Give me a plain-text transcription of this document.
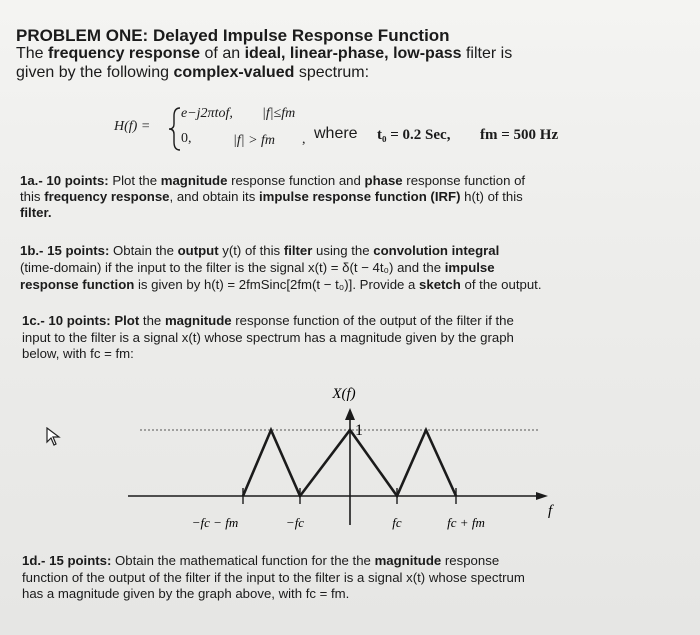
PROBLEM ONE: Delayed Impulse Response Function
The frequency response of an ideal, linear-phase, low-pass filter is
given by the following complex-valued spectrum:
H(f) =
e−j2πtof, |f|≤fm
0,	|f| > fm , where t₀ = 0.2 Sec, fm = 500 Hz
1a.- 10 points: Plot the magnitude response function and phase response function of
this frequency response, and obtain its impulse response function (IRF) h(t) of this
filter.
1b.- 15 points: Obtain the output y(t) of this filter using the convolution integral
(time-domain) if the input to the filter is the signal x(t) = δ(t − 4t₀) and the impulse
response function is given by h(t) = 2fmSinc[2fm(t − t₀)]. Provide a sketch of the output.
1c.- 10 points: Plot the magnitude response function of the output of the filter if the
input to the filter is a signal x(t) whose spectrum has a magnitude given by the graph
below, with fc = fm:
X(f)
1
f
−fc − fm	−fc	fc	fc + fm
1d.- 15 points: Obtain the mathematical function for the the magnitude response
function of the output of the filter if the input to the filter is a signal x(t) whose spectrum
has a magnitude given by the graph above, with fc = fm.
